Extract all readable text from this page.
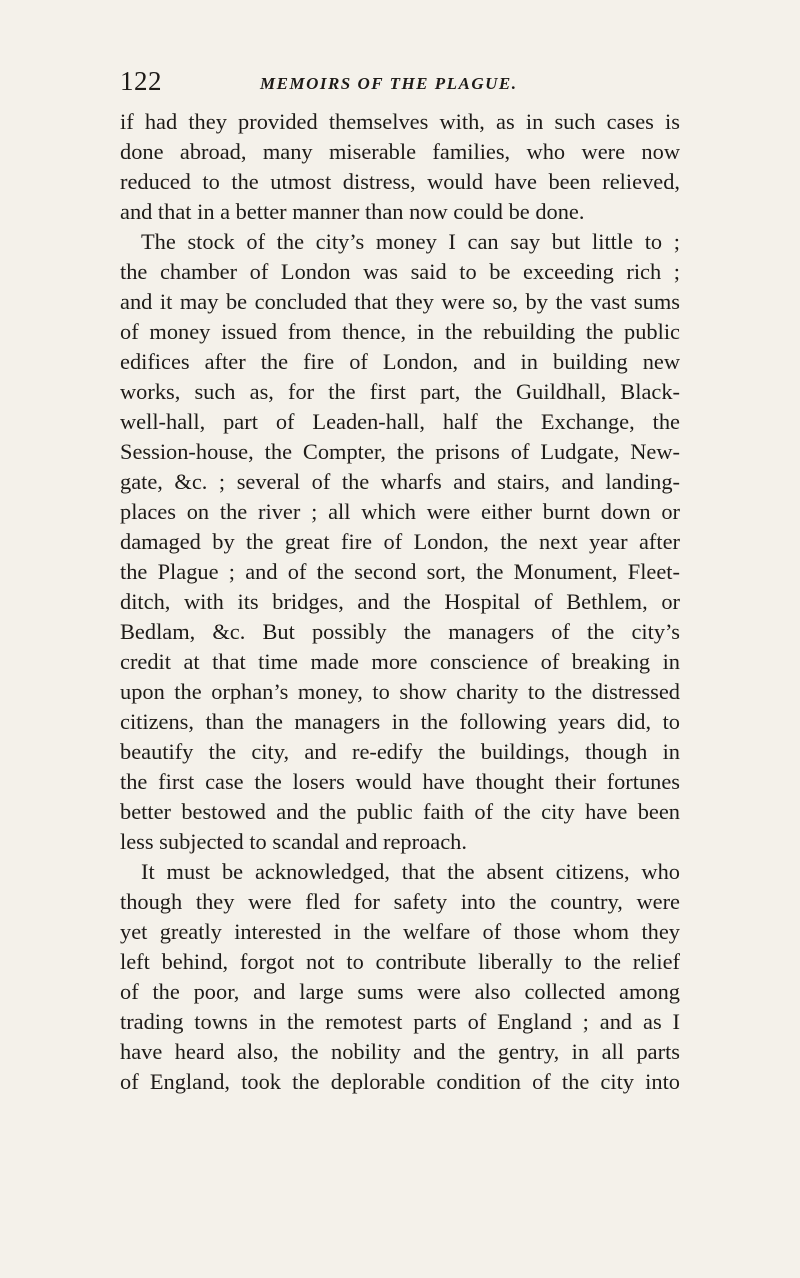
122	MEMOIRS OF THE PLAGUE.
if had they provided themselves with, as in such cases is
done abroad, many miserable families, who were now
reduced to the utmost distress, would have been relieved,
and that in a better manner than now could be done.
The stock of the city’s money I can say but little to ;
the chamber of London was said to be exceeding rich ;
and it may be concluded that they were so, by the vast sums
of money issued from thence, in the rebuilding the public
edifices after the fire of London, and in building new
works, such as, for the first part, the Guildhall, Black-
well-hall, part of Leaden-hall, half the Exchange, the
Session-house, the Compter, the prisons of Ludgate, New-
gate, &c. ; several of the wharfs and stairs, and landing-
places on the river ; all which were either burnt down or
damaged by the great fire of London, the next year after
the Plague ; and of the second sort, the Monument, Fleet-
ditch, with its bridges, and the Hospital of Bethlem, or
Bedlam, &c. But possibly the managers of the city’s
credit at that time made more conscience of breaking in
upon the orphan’s money, to show charity to the distressed
citizens, than the managers in the following years did, to
beautify the city, and re-edify the buildings, though in
the first case the losers would have thought their fortunes
better bestowed and the public faith of the city have been
less subjected to scandal and reproach.
It must be acknowledged, that the absent citizens, who
though they were fled for safety into the country, were
yet greatly interested in the welfare of those whom they
left behind, forgot not to contribute liberally to the relief
of the poor, and large sums were also collected among
trading towns in the remotest parts of England ; and as I
have heard also, the nobility and the gentry, in all parts
of England, took the deplorable condition of the city into
